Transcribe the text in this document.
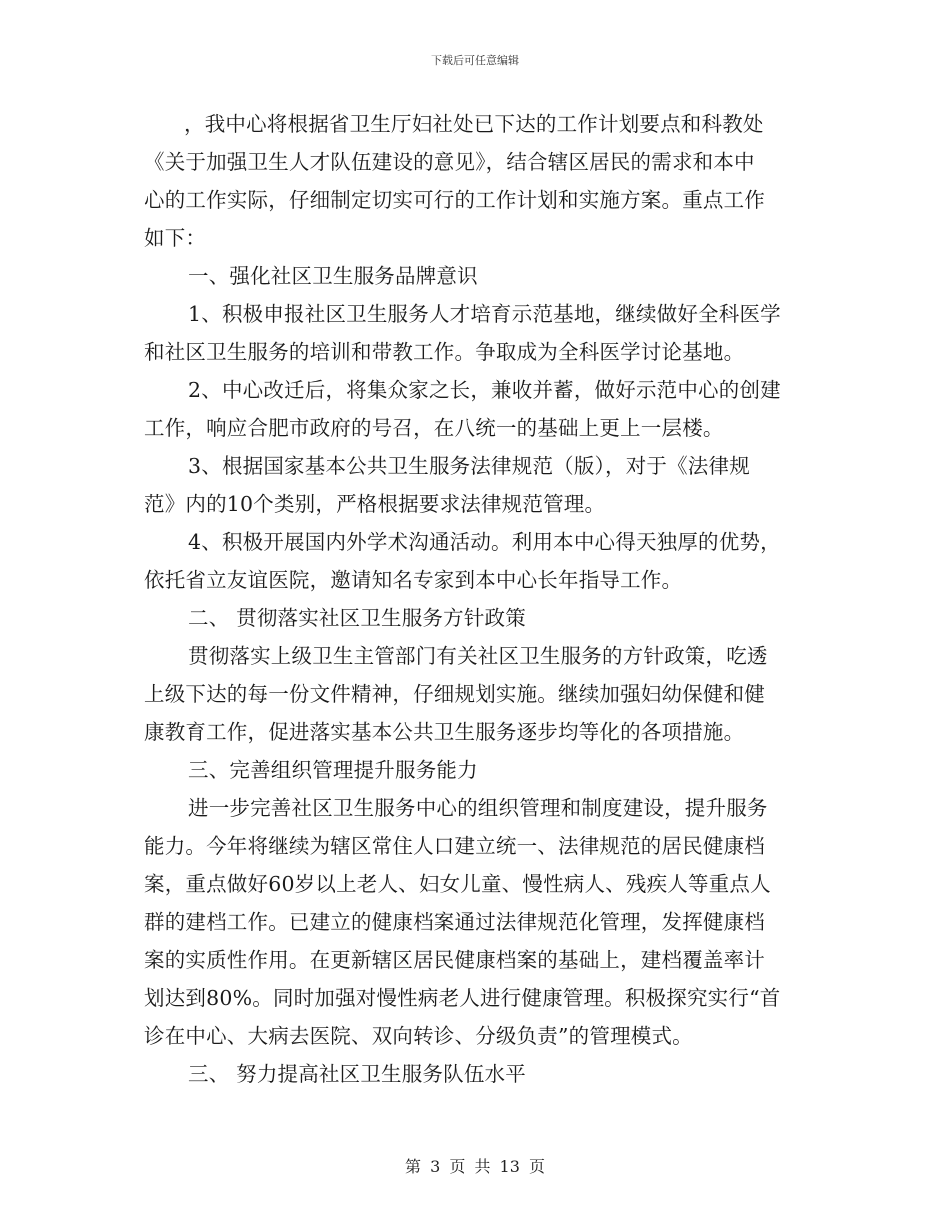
下载后可任意编辑
，我中心将根据省卫生厅妇社处已下达的工作计划要点和科教处
《关于加强卫生人才队伍建设的意见》，结合辖区居民的需求和本中
心的工作实际，仔细制定切实可行的工作计划和实施方案。重点工作
如下：
一、强化社区卫生服务品牌意识
1、积极申报社区卫生服务人才培育示范基地，继续做好全科医学
和社区卫生服务的培训和带教工作。争取成为全科医学讨论基地。
2、中心改迁后，将集众家之长，兼收并蓄，做好示范中心的创建
工作，响应合肥市政府的号召，在八统一的基础上更上一层楼。
3、根据国家基本公共卫生服务法律规范（版），对于《法律规
范》内的10个类别，严格根据要求法律规范管理。
4、积极开展国内外学术沟通活动。利用本中心得天独厚的优势，
依托省立友谊医院，邀请知名专家到本中心长年指导工作。
二、 贯彻落实社区卫生服务方针政策
贯彻落实上级卫生主管部门有关社区卫生服务的方针政策，吃透
上级下达的每一份文件精神，仔细规划实施。继续加强妇幼保健和健
康教育工作，促进落实基本公共卫生服务逐步均等化的各项措施。
三、完善组织管理提升服务能力
进一步完善社区卫生服务中心的组织管理和制度建设，提升服务
能力。今年将继续为辖区常住人口建立统一、法律规范的居民健康档
案，重点做好60岁以上老人、妇女儿童、慢性病人、残疾人等重点人
群的建档工作。已建立的健康档案通过法律规范化管理，发挥健康档
案的实质性作用。在更新辖区居民健康档案的基础上，建档覆盖率计
划达到80%。同时加强对慢性病老人进行健康管理。积极探究实行“首
诊在中心、大病去医院、双向转诊、分级负责”的管理模式。
三、 努力提高社区卫生服务队伍水平
第 3 页 共 13 页
